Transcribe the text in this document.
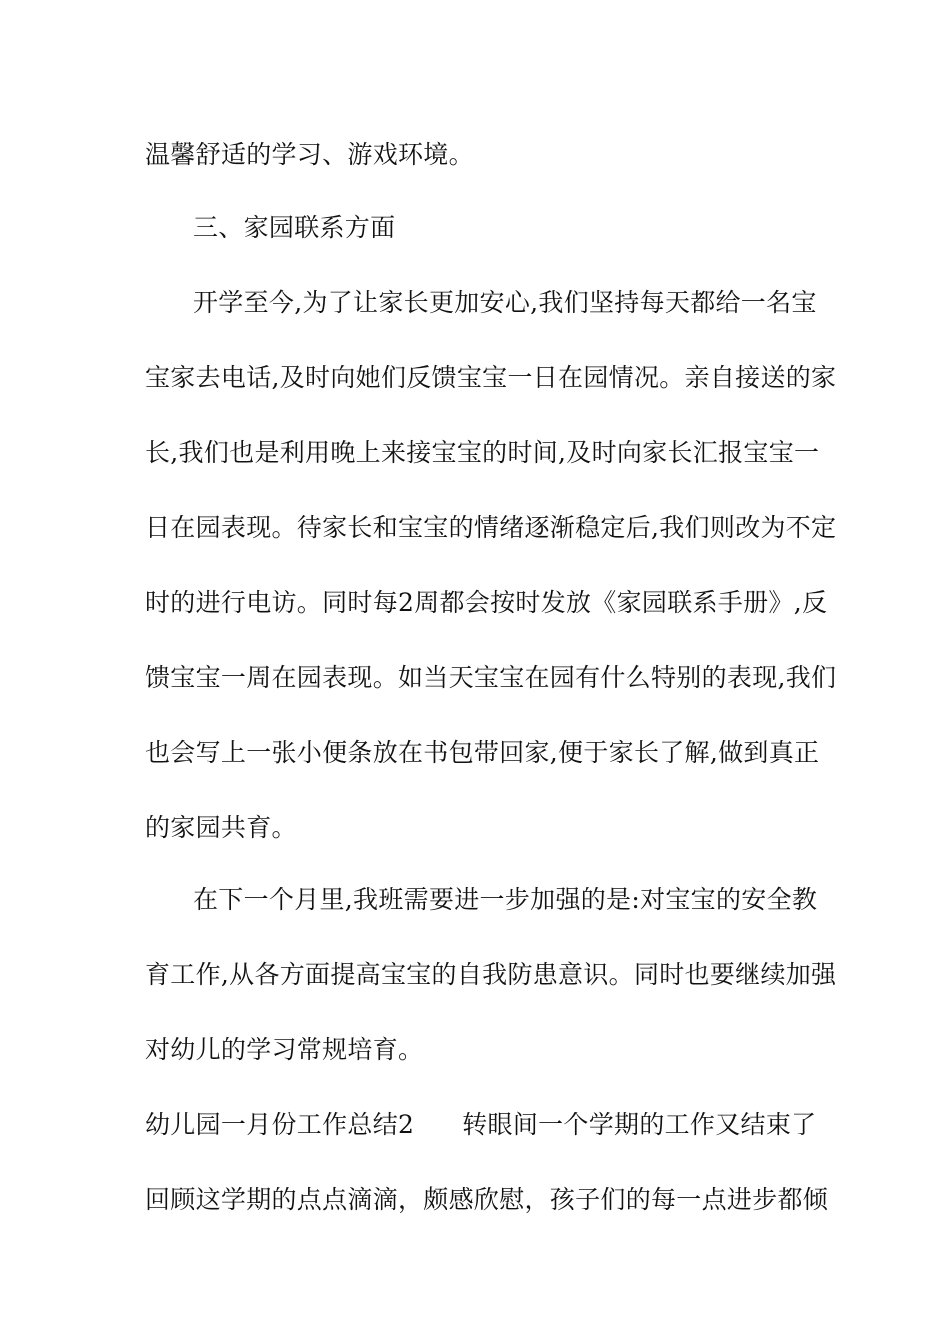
温馨舒适的学习、游戏环境。
三、家园联系方面
开学至今,为了让家长更加安心,我们坚持每天都给一名宝
宝家去电话,及时向她们反馈宝宝一日在园情况。亲自接送的家
长,我们也是利用晚上来接宝宝的时间,及时向家长汇报宝宝一
日在园表现。待家长和宝宝的情绪逐渐稳定后,我们则改为不定
时的进行电访。同时每2周都会按时发放《家园联系手册》,反
馈宝宝一周在园表现。如当天宝宝在园有什么特别的表现,我们
也会写上一张小便条放在书包带回家,便于家长了解,做到真正
的家园共育。
在下一个月里,我班需要进一步加强的是:对宝宝的安全教
育工作,从各方面提高宝宝的自我防患意识。同时也要继续加强
对幼儿的学习常规培育。
幼儿园一月份工作总结2 转眼间一个学期的工作又结束了
回顾这学期的点点滴滴，颇感欣慰，孩子们的每一点进步都倾
